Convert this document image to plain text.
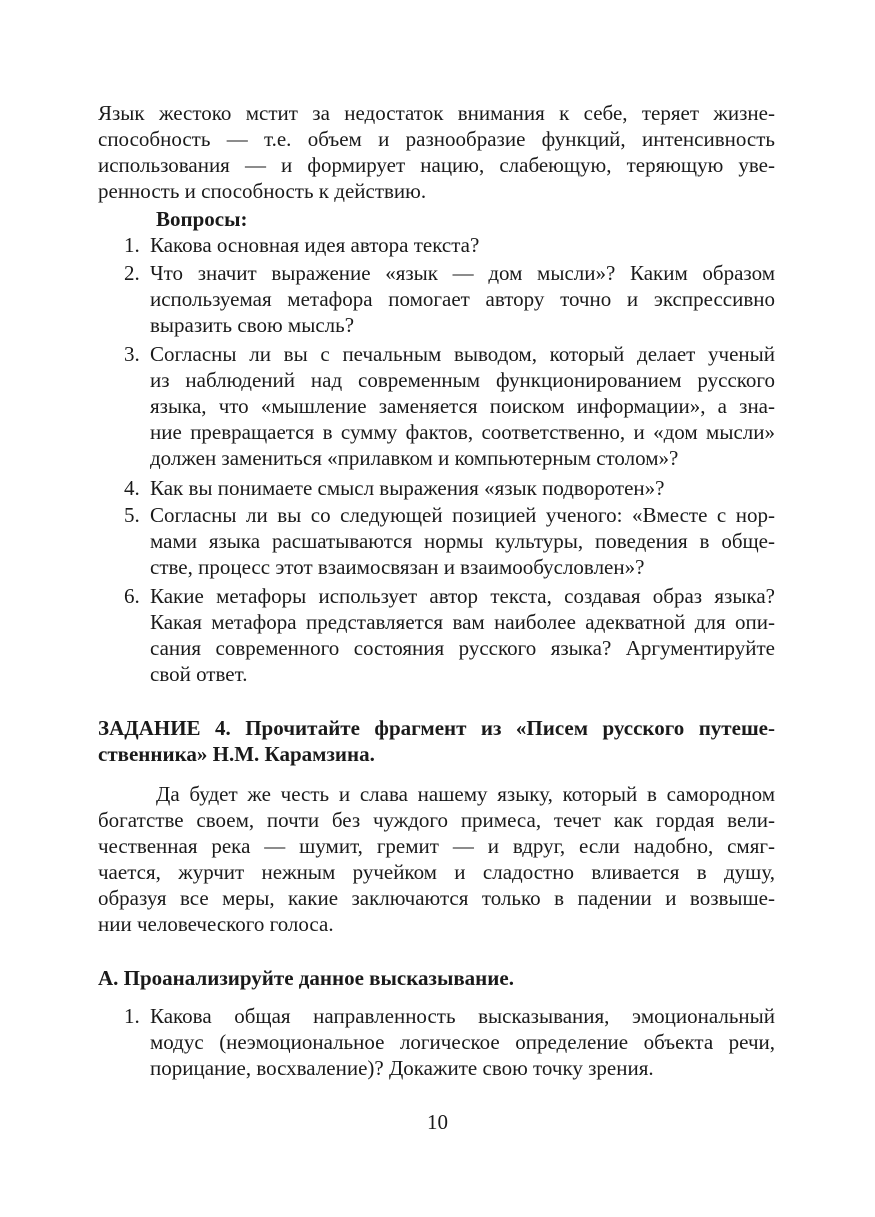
Язык жестоко мстит за недостаток внимания к себе, теряет жизне-
способность — т.е. объем и разнообразие функций, интенсивность
использования — и формирует нацию, слабеющую, теряющую уве-
ренность и способность к действию.
Вопросы:
1. Какова основная идея автора текста?
2. Что значит выражение «язык — дом мысли»? Каким образом
используемая метафора помогает автору точно и экспрессивно
выразить свою мысль?
3. Согласны ли вы с печальным выводом, который делает ученый
из наблюдений над современным функционированием русского
языка, что «мышление заменяется поиском информации», а зна-
ние превращается в сумму фактов, соответственно, и «дом мысли»
должен замениться «прилавком и компьютерным столом»?
4. Как вы понимаете смысл выражения «язык подворотен»?
5. Согласны ли вы со следующей позицией ученого: «Вместе с нор-
мами языка расшатываются нормы культуры, поведения в обще-
стве, процесс этот взаимосвязан и взаимообусловлен»?
6. Какие метафоры использует автор текста, создавая образ языка?
Какая метафора представляется вам наиболее адекватной для опи-
сания современного состояния русского языка? Аргументируйте
свой ответ.
ЗАДАНИЕ 4. Прочитайте фрагмент из «Писем русского путеше-
ственника» Н.М. Карамзина.
Да будет же честь и слава нашему языку, который в самородном
богатстве своем, почти без чуждого примеса, течет как гордая вели-
чественная река — шумит, гремит — и вдруг, если надобно, смяг-
чается, журчит нежным ручейком и сладостно вливается в душу,
образуя все меры, какие заключаются только в падении и возвыше-
нии человеческого голоса.
А. Проанализируйте данное высказывание.
1. Какова общая направленность высказывания, эмоциональный
модус (неэмоциональное логическое определение объекта речи,
порицание, восхваление)? Докажите свою точку зрения.
10
